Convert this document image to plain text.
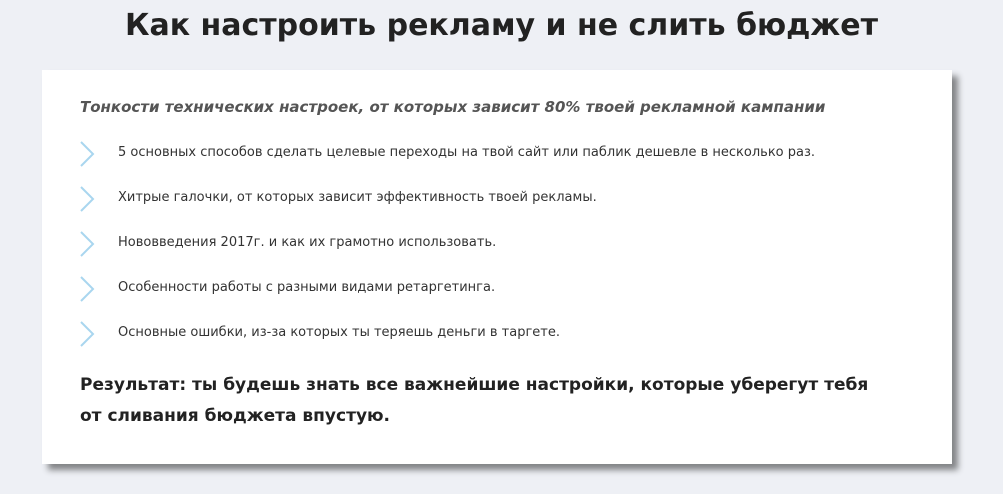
Как настроить рекламу и не слить бюджет

Тонкости технических настроек, от которых зависит 80% твоей рекламной кампании

5 основных способов сделать целевые переходы на твой сайт или паблик дешевле в несколько раз.
Хитрые галочки, от которых зависит эффективность твоей рекламы.
Нововведения 2017г. и как их грамотно использовать.
Особенности работы с разными видами ретаргетинга.
Основные ошибки, из-за которых ты теряешь деньги в таргете.

Результат: ты будешь знать все важнейшие настройки, которые уберегут тебя
от сливания бюджета впустую.
